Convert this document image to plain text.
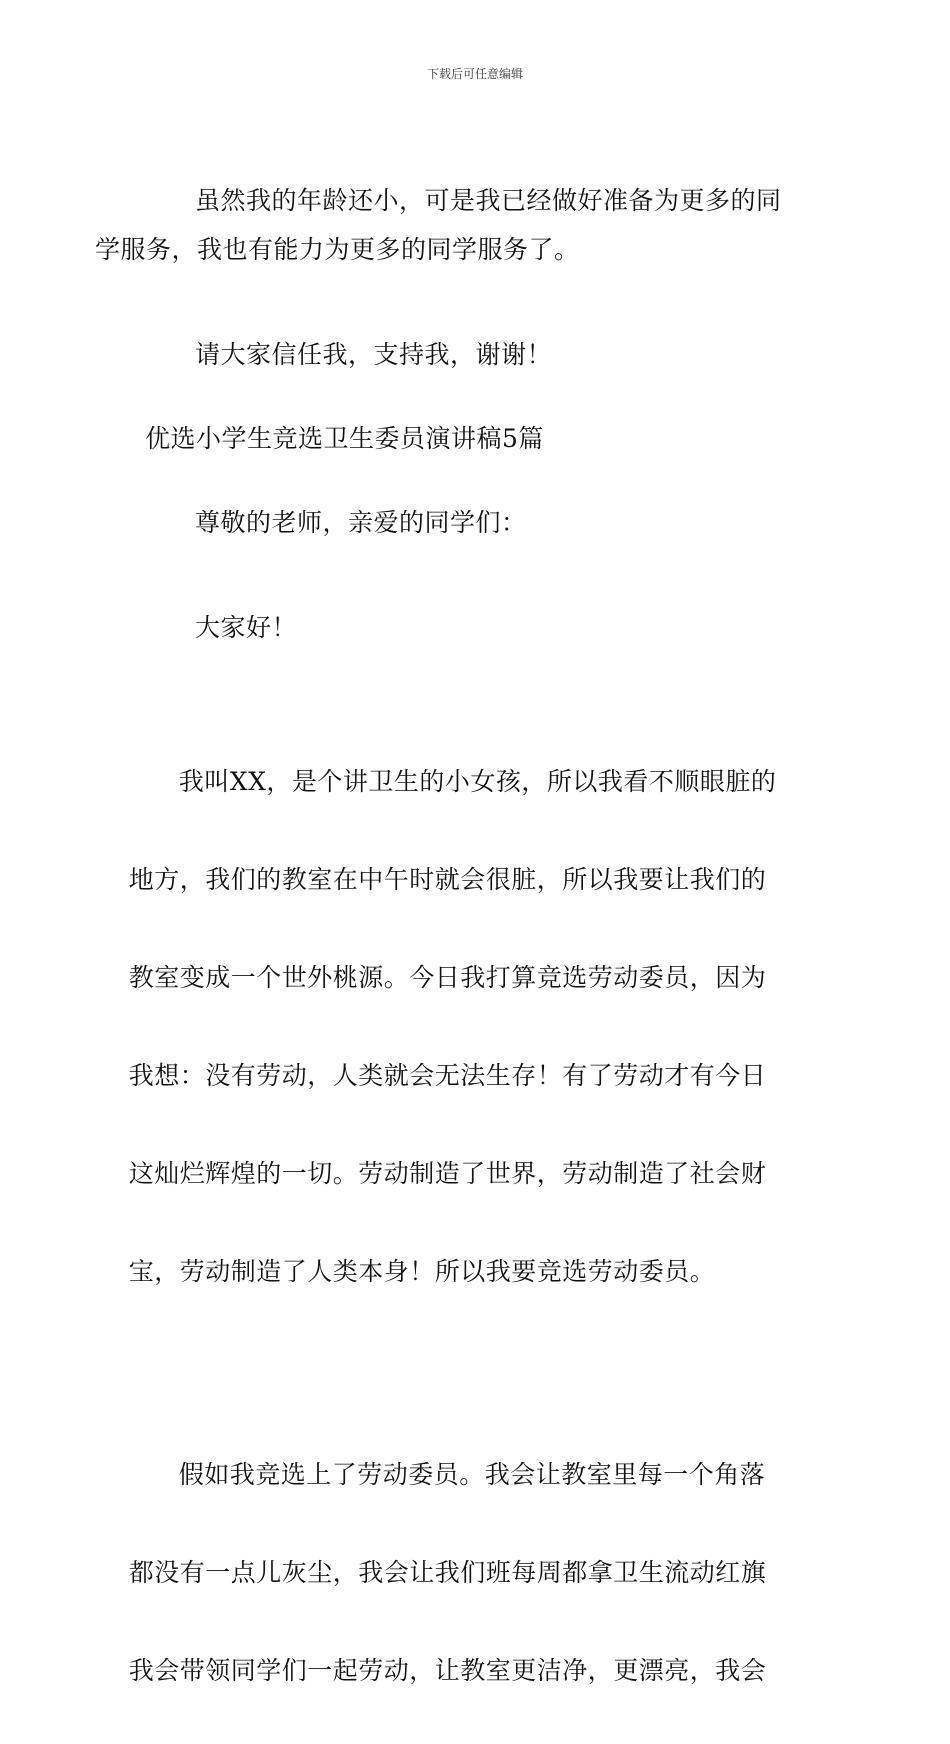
下载后可任意编辑

虽然我的年龄还小，可是我已经做好准备为更多的同
学服务，我也有能力为更多的同学服务了。

请大家信任我，支持我，谢谢！

优选小学生竞选卫生委员演讲稿5篇

尊敬的老师，亲爱的同学们：

大家好！

我叫XX，是个讲卫生的小女孩，所以我看不顺眼脏的

地方，我们的教室在中午时就会很脏，所以我要让我们的

教室变成一个世外桃源。今日我打算竞选劳动委员，因为

我想：没有劳动，人类就会无法生存！有了劳动才有今日

这灿烂辉煌的一切。劳动制造了世界，劳动制造了社会财

宝，劳动制造了人类本身！所以我要竞选劳动委员。

假如我竞选上了劳动委员。我会让教室里每一个角落

都没有一点儿灰尘，我会让我们班每周都拿卫生流动红旗

我会带领同学们一起劳动，让教室更洁净，更漂亮，我会
